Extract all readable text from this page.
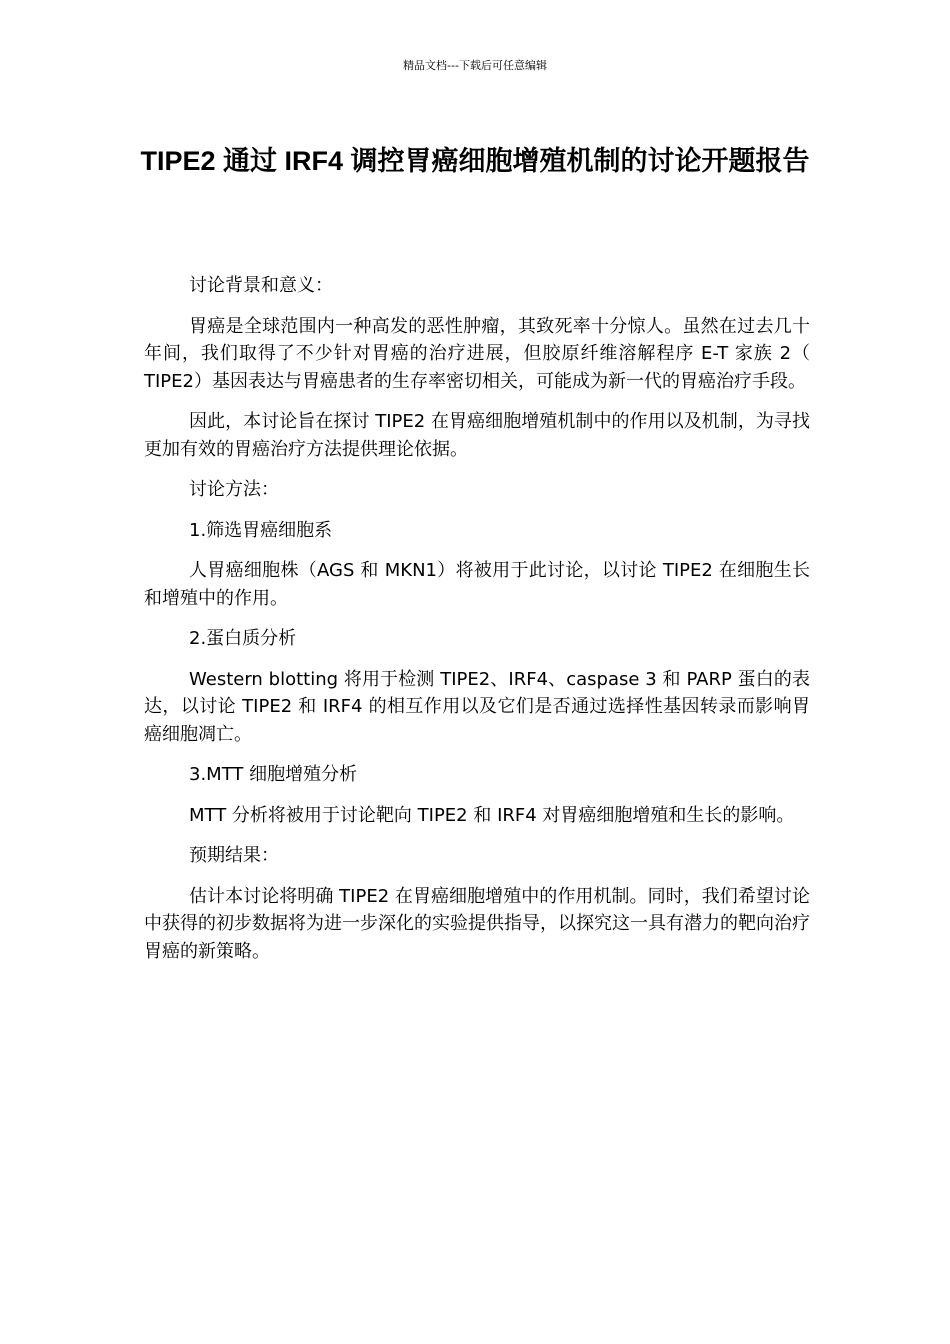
精品文档---下载后可任意编辑
TIPE2 通过 IRF4 调控胃癌细胞增殖机制的讨论开题报告

讨论背景和意义：

胃癌是全球范围内一种高发的恶性肿瘤，其致死率十分惊人。虽然在过去几十年间，我们取得了不少针对胃癌的治疗进展，但胶原纤维溶解程序 E-T 家族 2（ TIPE2）基因表达与胃癌患者的生存率密切相关，可能成为新一代的胃癌治疗手段。

因此，本讨论旨在探讨 TIPE2 在胃癌细胞增殖机制中的作用以及机制，为寻找更加有效的胃癌治疗方法提供理论依据。

讨论方法：

1.筛选胃癌细胞系

人胃癌细胞株（AGS 和 MKN1）将被用于此讨论，以讨论 TIPE2 在细胞生长和增殖中的作用。

2.蛋白质分析

Western blotting 将用于检测 TIPE2、IRF4、caspase 3 和 PARP 蛋白的表达，以讨论 TIPE2 和 IRF4 的相互作用以及它们是否通过选择性基因转录而影响胃癌细胞凋亡。

3.MTT 细胞增殖分析

MTT 分析将被用于讨论靶向 TIPE2 和 IRF4 对胃癌细胞增殖和生长的影响。

预期结果：

估计本讨论将明确 TIPE2 在胃癌细胞增殖中的作用机制。同时，我们希望讨论中获得的初步数据将为进一步深化的实验提供指导，以探究这一具有潜力的靶向治疗胃癌的新策略。
